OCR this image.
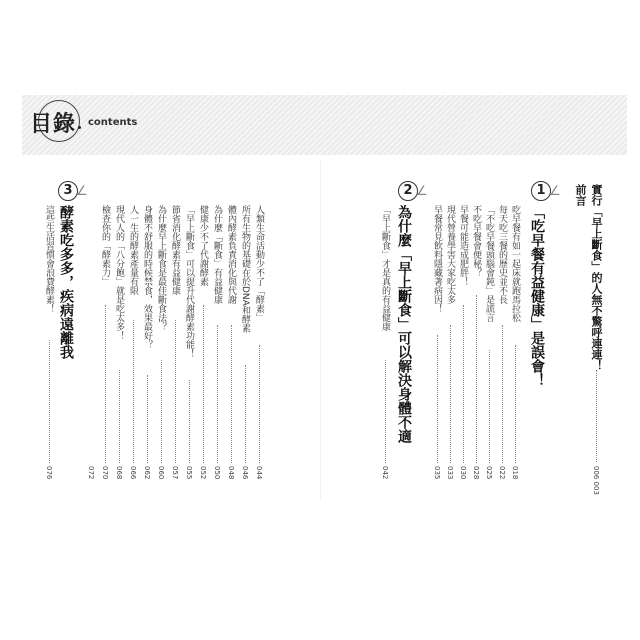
目錄 contents
前言 實行「早上斷食」的人無不驚呼連連！
006 003
1 ∠
「吃早餐有益健康」是誤會！
吃早餐有如一起床就跑馬拉松
018
每天吃三餐的歷史並不長
022
「不吃早餐頭腦會鈍」是謊言
025
不吃早餐會便秘？
028
早餐可能造成肥胖！
030
現代營養學害大家吃太多
033
早餐常見飲料隱藏著病因！
035
2 ∠
為什麼「早上斷食」可以解決身體不適
「早上斷食」才是真的有益健康
042
3 ∠
酵素吃多多，疾病遠離我	人類生命活動少不了「酵素」
044
所有生物的基礎在於DNA和酵素
046
體內酵素負責消化與代謝
048
為什麼「斷食」有益健康
050
健康少不了代謝酵素
052
「早上斷食」可以提升代謝酵素功能！
055
節省消化酵素有益健康
057
為什麼早上斷食是最佳斷食法？
060
身體不舒服的時候禁食，效果最好？
062
人一生的酵素產量有限
066
現代人的「八分飽」就是吃太多！
068
檢查你的「酵素力」
070
這些生活習慣會浪費酵素！
076	072
